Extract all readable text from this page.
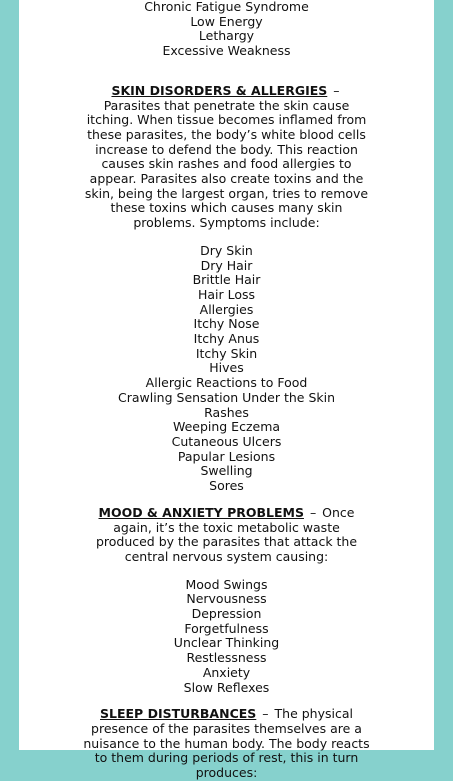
Chronic Fatigue Syndrome
Low Energy
Lethargy
Excessive Weakness

SKIN DISORDERS & ALLERGIES – Parasites that penetrate the skin cause itching. When tissue becomes inflamed from these parasites, the body’s white blood cells increase to defend the body. This reaction causes skin rashes and food allergies to appear. Parasites also create toxins and the skin, being the largest organ, tries to remove these toxins which causes many skin problems. Symptoms include:

Dry Skin
Dry Hair
Brittle Hair
Hair Loss
Allergies
Itchy Nose
Itchy Anus
Itchy Skin
Hives
Allergic Reactions to Food
Crawling Sensation Under the Skin
Rashes
Weeping Eczema
Cutaneous Ulcers
Papular Lesions
Swelling
Sores

MOOD & ANXIETY PROBLEMS – Once again, it’s the toxic metabolic waste produced by the parasites that attack the central nervous system causing:

Mood Swings
Nervousness
Depression
Forgetfulness
Unclear Thinking
Restlessness
Anxiety
Slow Reflexes

SLEEP DISTURBANCES – The physical presence of the parasites themselves are a nuisance to the human body. The body reacts to them during periods of rest, this in turn produces:
